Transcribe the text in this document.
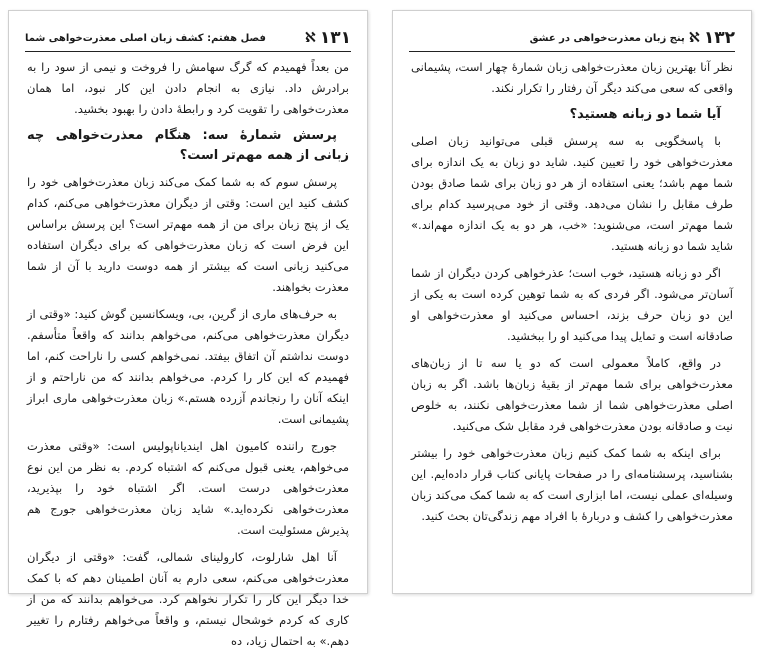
۱۳۱
ℵ
فصل هفتم: کشف زبان اصلی معذرت‌خواهی شما

من بعداً فهمیدم که گرگ سهامش را فروخت و نیمی از سود را به برادرش داد. نیازی به انجام دادن این کار نبود، اما همان معذرت‌خواهی را تقویت کرد و رابطهٔ دادن را بهبود بخشید.

پرسش شمارهٔ سه: هنگام معذرت‌خواهی چه زبانی از همه مهم‌تر است؟

پرسش سوم که به شما کمک می‌کند زبان معذرت‌خواهی خود را کشف کنید این است: وقتی از دیگران معذرت‌خواهی می‌کنم، کدام یک از پنج زبان برای من از همه مهم‌تر است؟ این پرسش براساس این فرض است که زبان معذرت‌خواهی که برای دیگران استفاده می‌کنید زبانی است که بیشتر از همه دوست دارید با آن از شما معذرت بخواهند.

به حرف‌های ماری از گرین، بی، ویسکانسین گوش کنید: «وقتی از دیگران معذرت‌خواهی می‌کنم، می‌خواهم بدانند که واقعاً متأسفم. دوست نداشتم آن اتفاق بیفتد. نمی‌خواهم کسی را ناراحت کنم، اما فهمیدم که این کار را کردم. می‌خواهم بدانند که من ناراحتم و از اینکه آنان را رنجاندم آزرده هستم.» زبان معذرت‌خواهی ماری ابراز پشیمانی است.

جورج راننده کامیون اهل ایندیاناپولیس است: «وقتی معذرت می‌خواهم، یعنی قبول می‌کنم که اشتباه کردم. به نظر من این نوع معذرت‌خواهی درست است. اگر اشتباه خود را بپذیرید، معذرت‌خواهی نکرده‌اید.» شاید زبان معذرت‌خواهی جورج هم پذیرش مسئولیت است.

آنا اهل شارلوت، کارولینای شمالی، گفت: «وقتی از دیگران معذرت‌خواهی می‌کنم، سعی دارم به آنان اطمینان دهم که با کمک خدا دیگر این کار را تکرار نخواهم کرد. می‌خواهم بدانند که من از کاری که کردم خوشحال نیستم، و واقعاً می‌خواهم رفتارم را تغییر دهم.» به احتمال زیاد، ده

۱۳۲
ℵ
پنج زبان معذرت‌خواهی در عشق

نظر آنا بهترین زبان معذرت‌خواهی زبان شمارهٔ چهار است، پشیمانی واقعی که سعی می‌کند دیگر آن رفتار را تکرار نکند.

آیا شما دو زبانه هستید؟

با پاسخگویی به سه پرسش قبلی می‌توانید زبان اصلی معذرت‌خواهی خود را تعیین کنید. شاید دو زبان به یک اندازه برای شما مهم باشد؛ یعنی استفاده از هر دو زبان برای شما صادق بودن طرف مقابل را نشان می‌دهد. وقتی از خود می‌پرسید کدام برای شما مهم‌تر است، می‌شنوید: «خب، هر دو به یک اندازه مهم‌اند.» شاید شما دو زبانه هستید.

اگر دو زبانه هستید، خوب است؛ عذرخواهی کردن دیگران از شما آسان‌تر می‌شود. اگر فردی که به شما توهین کرده است به یکی از این دو زبان حرف بزند، احساس می‌کنید او معذرت‌خواهی او صادقانه است و تمایل پیدا می‌کنید او را ببخشید.

در واقع، کاملاً معمولی است که دو یا سه تا از زبان‌های معذرت‌خواهی برای شما مهم‌تر از بقیهٔ زبان‌ها باشد. اگر به زبان اصلی معذرت‌خواهی شما از شما معذرت‌خواهی نکنند، به خلوص نیت و صادقانه بودن معذرت‌خواهی فرد مقابل شک می‌کنید.

برای اینکه به شما کمک کنیم زبان معذرت‌خواهی خود را بیشتر بشناسید، پرسشنامه‌ای را در صفحات پایانی کتاب قرار داده‌ایم. این وسیله‌ای عملی نیست، اما ابزاری است که به شما کمک می‌کند زبان معذرت‌خواهی را کشف و دربارهٔ با افراد مهم زندگی‌تان بحث کنید.
